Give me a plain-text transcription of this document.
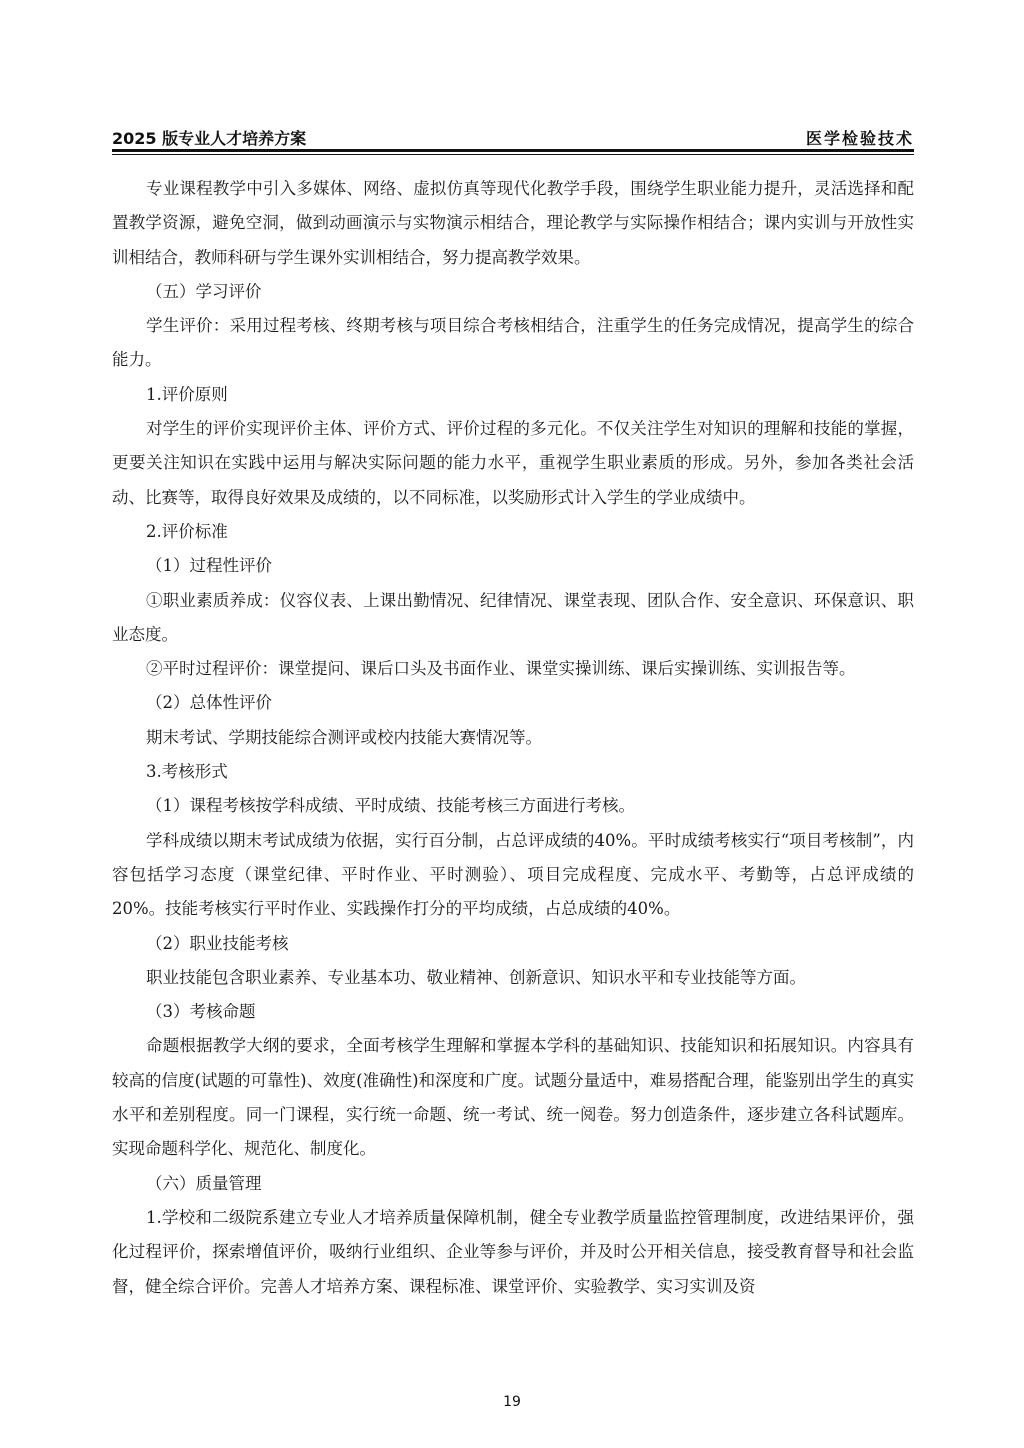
2025 版专业人才培养方案	医学检验技术

专业课程教学中引入多媒体、网络、虚拟仿真等现代化教学手段，围绕学生职业能力提升，灵活选择和配置教学资源，避免空洞，做到动画演示与实物演示相结合，理论教学与实际操作相结合；课内实训与开放性实训相结合，教师科研与学生课外实训相结合，努力提高教学效果。

（五）学习评价

学生评价：采用过程考核、终期考核与项目综合考核相结合，注重学生的任务完成情况，提高学生的综合能力。

1.评价原则

对学生的评价实现评价主体、评价方式、评价过程的多元化。不仅关注学生对知识的理解和技能的掌握，更要关注知识在实践中运用与解决实际问题的能力水平，重视学生职业素质的形成。另外，参加各类社会活动、比赛等，取得良好效果及成绩的，以不同标准，以奖励形式计入学生的学业成绩中。

2.评价标准

（1）过程性评价

①职业素质养成：仪容仪表、上课出勤情况、纪律情况、课堂表现、团队合作、安全意识、环保意识、职业态度。

②平时过程评价：课堂提问、课后口头及书面作业、课堂实操训练、课后实操训练、实训报告等。

（2）总体性评价

期末考试、学期技能综合测评或校内技能大赛情况等。

3.考核形式

（1）课程考核按学科成绩、平时成绩、技能考核三方面进行考核。

学科成绩以期末考试成绩为依据，实行百分制，占总评成绩的40%。平时成绩考核实行“项目考核制”，内容包括学习态度（课堂纪律、平时作业、平时测验）、项目完成程度、完成水平、考勤等，占总评成绩的20%。技能考核实行平时作业、实践操作打分的平均成绩，占总成绩的40%。

（2）职业技能考核

职业技能包含职业素养、专业基本功、敬业精神、创新意识、知识水平和专业技能等方面。

（3）考核命题

命题根据教学大纲的要求，全面考核学生理解和掌握本学科的基础知识、技能知识和拓展知识。内容具有较高的信度(试题的可靠性)、效度(准确性)和深度和广度。试题分量适中，难易搭配合理，能鉴别出学生的真实水平和差别程度。同一门课程，实行统一命题、统一考试、统一阅卷。努力创造条件，逐步建立各科试题库。实现命题科学化、规范化、制度化。

（六）质量管理

1.学校和二级院系建立专业人才培养质量保障机制，健全专业教学质量监控管理制度，改进结果评价，强化过程评价，探索增值评价，吸纳行业组织、企业等参与评价，并及时公开相关信息，接受教育督导和社会监督，健全综合评价。完善人才培养方案、课程标准、课堂评价、实验教学、实习实训及资

19
